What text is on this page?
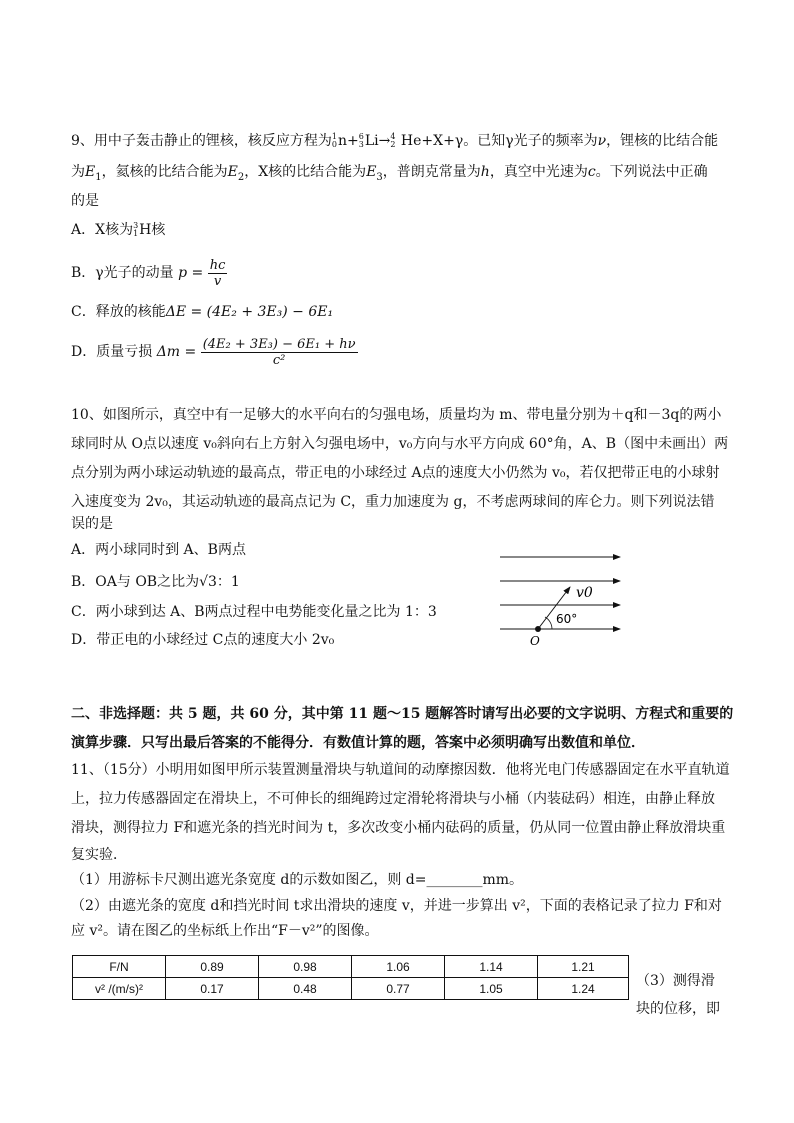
9、用中子轰击静止的锂核，核反应方程为1
0n+6
3Li→4
2 He+X+γ。已知γ光子的频率为ν，锂核的比结合能
为$E_1$，氦核的比结合能为$E_2$，X核的比结合能为$E_3$，普朗克常量为h，真空中光速为c。下列说法中正确
的是
A．X核为3
1H核
B．γ光子的动量 $p = \frac{hc}{v}$
C．释放的核能ΔE = (4E₂ + 3E₃) − 6E₁
D．质量亏损 $\Delta m = \frac{\text{(4E₂ + 3E₃) − 6E₁ + hν}}{\text{c²}}$
10、如图所示，真空中有一足够大的水平向右的匀强电场，质量均为 m、带电量分别为＋q和－3q的两小
球同时从 O点以速度 v₀斜向右上方射入匀强电场中，v₀方向与水平方向成 60°角，A、B（图中未画出）两
点分别为两小球运动轨迹的最高点，带正电的小球经过 A点的速度大小仍然为 v₀，若仅把带正电的小球射
入速度变为 2v₀，其运动轨迹的最高点记为 C，重力加速度为 g，不考虑两球间的库仑力。则下列说法错
误的是
A．两小球同时到 A、B两点
B．OA与 OB之比为√3：1
C．两小球到达 A、B两点过程中电势能变化量之比为 1：3
D．带正电的小球经过 C点的速度大小 2v₀
v0
60°
O
二、非选择题：共 5 题，共 60 分，其中第 11 题～15 题解答时请写出必要的文字说明、方程式和重要的
演算步骤．只写出最后答案的不能得分．有数值计算的题，答案中必须明确写出数值和单位．
11、（15分）小明用如图甲所示装置测量滑块与轨道间的动摩擦因数．他将光电门传感器固定在水平直轨道
上，拉力传感器固定在滑块上，不可伸长的细绳跨过定滑轮将滑块与小桶（内装砝码）相连，由静止释放
滑块，测得拉力 F和遮光条的挡光时间为 t，多次改变小桶内砝码的质量，仍从同一位置由静止释放滑块重
复实验．
（1）用游标卡尺测出遮光条宽度 d的示数如图乙，则 d=________mm。
（2）由遮光条的宽度 d和挡光时间 t求出滑块的速度 v，并进一步算出 v²，下面的表格记录了拉力 F和对
应 v²。请在图乙的坐标纸上作出“F－v²”的图像。
F/N	0.89	0.98	1.06	1.14	1.21
v² /(m/s)²	0.17	0.48	0.77	1.05	1.24	（3）测得滑
块的位移，即
